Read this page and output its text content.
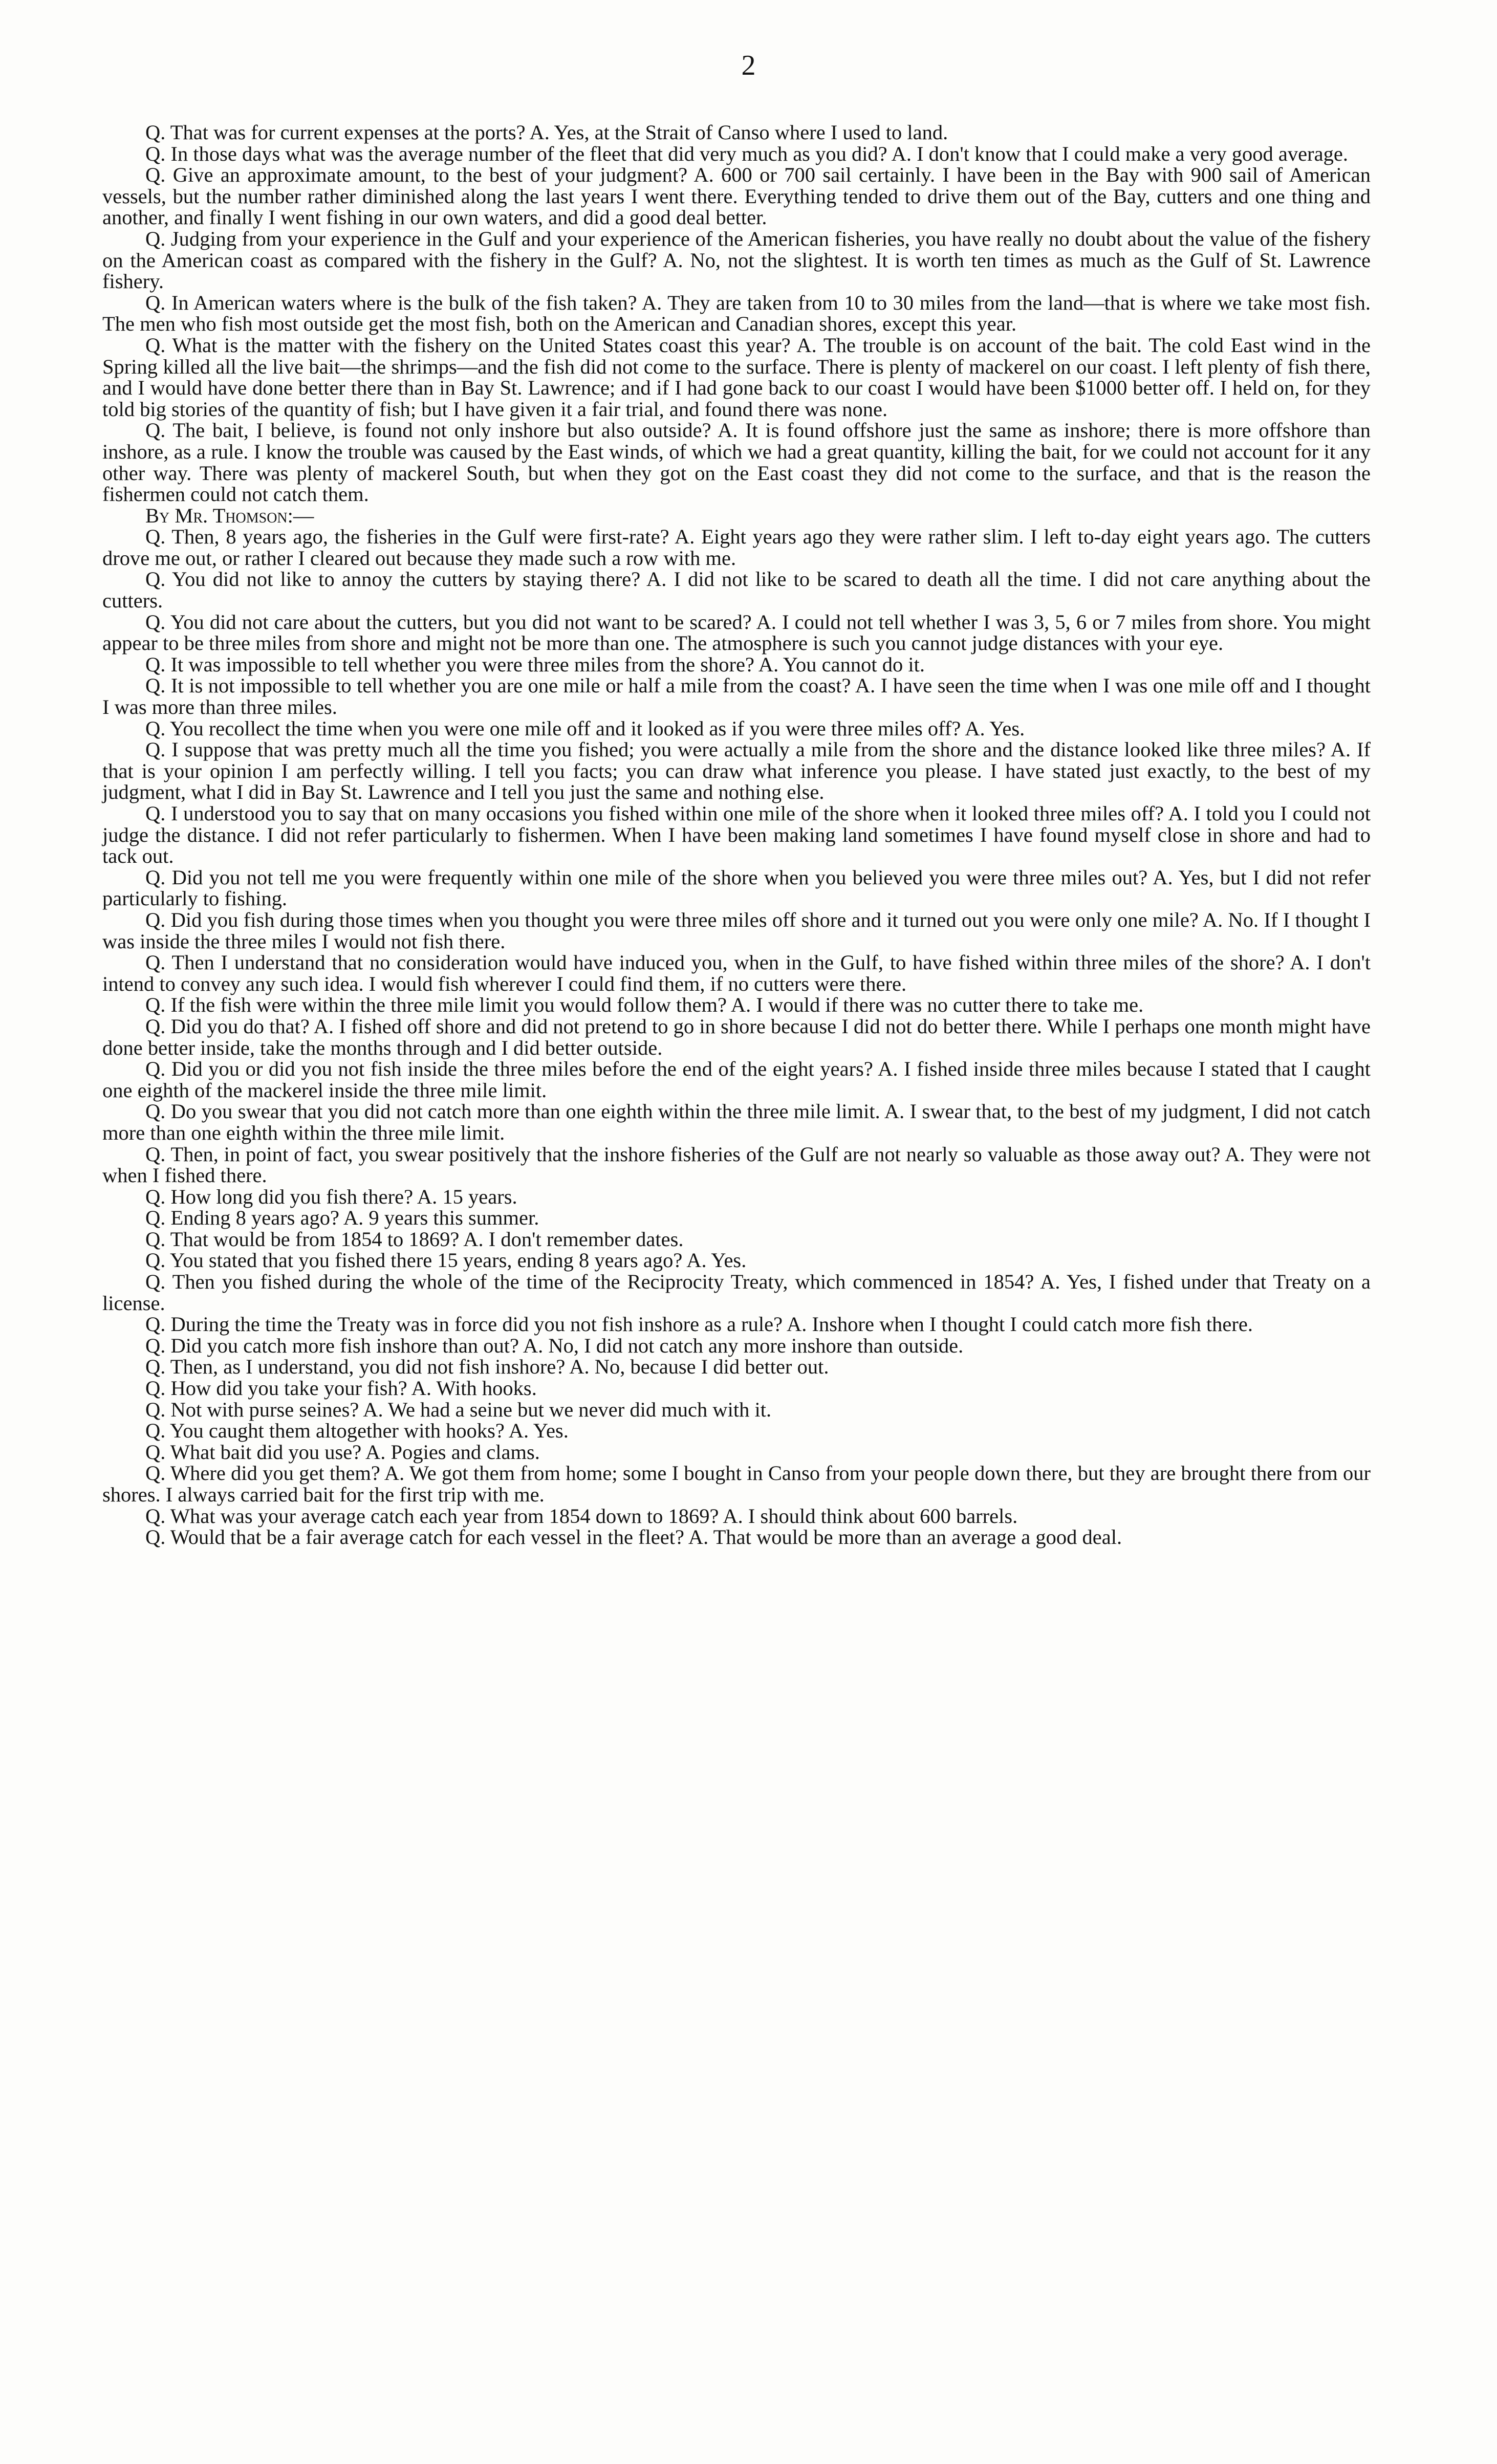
2

Q. That was for current expenses at the ports? A. Yes, at the Strait of Canso where I used to land.

Q. In those days what was the average number of the fleet that did very much as you did? A. I don't know that I could make a very good average.

Q. Give an approximate amount, to the best of your judgment? A. 600 or 700 sail certainly. I have been in the Bay with 900 sail of American vessels, but the number rather diminished along the last years I went there. Everything tended to drive them out of the Bay, cutters and one thing and another, and finally I went fishing in our own waters, and did a good deal better.

Q. Judging from your experience in the Gulf and your experience of the American fisheries, you have really no doubt about the value of the fishery on the American coast as compared with the fishery in the Gulf? A. No, not the slightest. It is worth ten times as much as the Gulf of St. Lawrence fishery.

Q. In American waters where is the bulk of the fish taken? A. They are taken from 10 to 30 miles from the land—that is where we take most fish. The men who fish most outside get the most fish, both on the American and Canadian shores, except this year.

Q. What is the matter with the fishery on the United States coast this year? A. The trouble is on account of the bait. The cold East wind in the Spring killed all the live bait—the shrimps—and the fish did not come to the surface. There is plenty of mackerel on our coast. I left plenty of fish there, and I would have done better there than in Bay St. Lawrence; and if I had gone back to our coast I would have been $1000 better off. I held on, for they told big stories of the quantity of fish; but I have given it a fair trial, and found there was none.

Q. The bait, I believe, is found not only inshore but also outside? A. It is found offshore just the same as inshore; there is more offshore than inshore, as a rule. I know the trouble was caused by the East winds, of which we had a great quantity, killing the bait, for we could not account for it any other way. There was plenty of mackerel South, but when they got on the East coast they did not come to the surface, and that is the reason the fishermen could not catch them.

By Mr. Thomson:—

Q. Then, 8 years ago, the fisheries in the Gulf were first-rate? A. Eight years ago they were rather slim. I left to-day eight years ago. The cutters drove me out, or rather I cleared out because they made such a row with me.

Q. You did not like to annoy the cutters by staying there? A. I did not like to be scared to death all the time. I did not care anything about the cutters.

Q. You did not care about the cutters, but you did not want to be scared? A. I could not tell whether I was 3, 5, 6 or 7 miles from shore. You might appear to be three miles from shore and might not be more than one. The atmosphere is such you cannot judge distances with your eye.

Q. It was impossible to tell whether you were three miles from the shore? A. You cannot do it.

Q. It is not impossible to tell whether you are one mile or half a mile from the coast? A. I have seen the time when I was one mile off and I thought I was more than three miles.

Q. You recollect the time when you were one mile off and it looked as if you were three miles off? A. Yes.

Q. I suppose that was pretty much all the time you fished; you were actually a mile from the shore and the distance looked like three miles? A. If that is your opinion I am perfectly willing. I tell you facts; you can draw what inference you please. I have stated just exactly, to the best of my judgment, what I did in Bay St. Lawrence and I tell you just the same and nothing else.

Q. I understood you to say that on many occasions you fished within one mile of the shore when it looked three miles off? A. I told you I could not judge the distance. I did not refer particularly to fishermen. When I have been making land sometimes I have found myself close in shore and had to tack out.

Q. Did you not tell me you were frequently within one mile of the shore when you believed you were three miles out? A. Yes, but I did not refer particularly to fishing.

Q. Did you fish during those times when you thought you were three miles off shore and it turned out you were only one mile? A. No. If I thought I was inside the three miles I would not fish there.

Q. Then I understand that no consideration would have induced you, when in the Gulf, to have fished within three miles of the shore? A. I don't intend to convey any such idea. I would fish wherever I could find them, if no cutters were there.

Q. If the fish were within the three mile limit you would follow them? A. I would if there was no cutter there to take me.

Q. Did you do that? A. I fished off shore and did not pretend to go in shore because I did not do better there. While I perhaps one month might have done better inside, take the months through and I did better outside.

Q. Did you or did you not fish inside the three miles before the end of the eight years? A. I fished inside three miles because I stated that I caught one eighth of the mackerel inside the three mile limit.

Q. Do you swear that you did not catch more than one eighth within the three mile limit. A. I swear that, to the best of my judgment, I did not catch more than one eighth within the three mile limit.

Q. Then, in point of fact, you swear positively that the inshore fisheries of the Gulf are not nearly so valuable as those away out? A. They were not when I fished there.

Q. How long did you fish there? A. 15 years.

Q. Ending 8 years ago? A. 9 years this summer.

Q. That would be from 1854 to 1869? A. I don't remember dates.

Q. You stated that you fished there 15 years, ending 8 years ago? A. Yes.

Q. Then you fished during the whole of the time of the Reciprocity Treaty, which commenced in 1854? A. Yes, I fished under that Treaty on a license.

Q. During the time the Treaty was in force did you not fish inshore as a rule? A. Inshore when I thought I could catch more fish there.

Q. Did you catch more fish inshore than out? A. No, I did not catch any more inshore than outside.

Q. Then, as I understand, you did not fish inshore? A. No, because I did better out.

Q. How did you take your fish? A. With hooks.

Q. Not with purse seines? A. We had a seine but we never did much with it.

Q. You caught them altogether with hooks? A. Yes.

Q. What bait did you use? A. Pogies and clams.

Q. Where did you get them? A. We got them from home; some I bought in Canso from your people down there, but they are brought there from our shores. I always carried bait for the first trip with me.

Q. What was your average catch each year from 1854 down to 1869? A. I should think about 600 barrels.

Q. Would that be a fair average catch for each vessel in the fleet? A. That would be more than an average a good deal.
